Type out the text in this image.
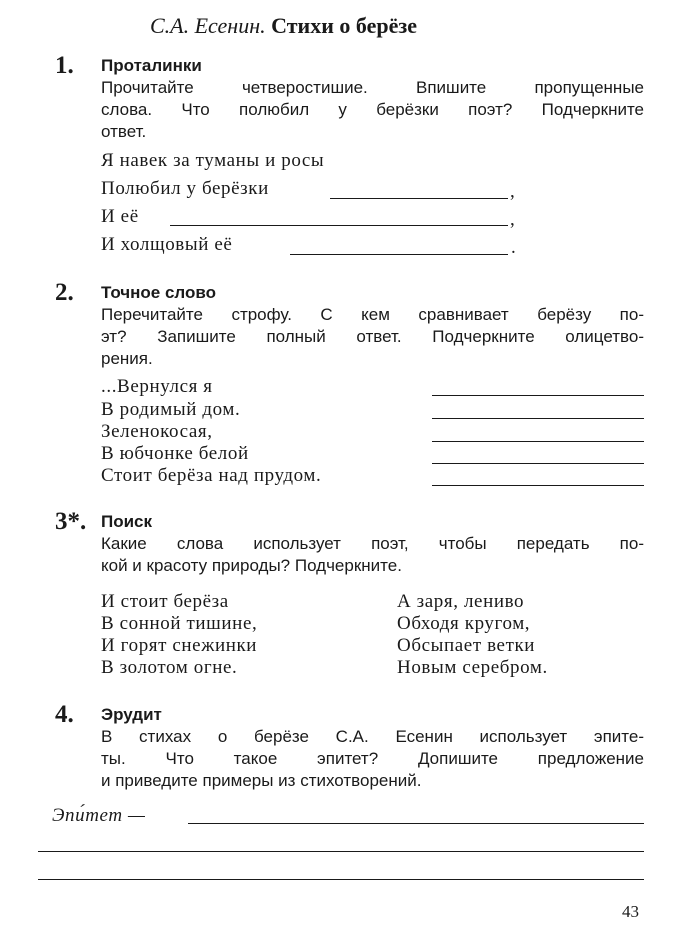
С.А. Есенин. Стихи о берёзе
1. Проталинки
Прочитайте четверостишие. Впишите пропущенные
слова. Что полюбил у берёзки поэт? Подчеркните
ответ.
Я навек за туманы и росы
Полюбил у берёзки	,
И её	,
И холщовый её	.
2. Точное слово
Перечитайте строфу. С кем сравнивает берёзу по-
эт? Запишите полный ответ. Подчеркните олицетво-
рения.
...Вернулся я
В родимый дом.
Зеленокосая,
В юбчонке белой
Стоит берёза над прудом.
3*. Поиск
Какие слова использует поэт, чтобы передать по-
кой и красоту природы? Подчеркните.
И стоит берёза
В сонной тишине,
И горят снежинки
В золотом огне.
А заря, лениво
Обходя кругом,
Обсыпает ветки
Новым серебром.
4. Эрудит
В стихах о берёзе С.А. Есенин использует эпите-
ты. Что такое эпитет? Допишите предложение
и приведите примеры из стихотворений.
Эпи́тет —
43
